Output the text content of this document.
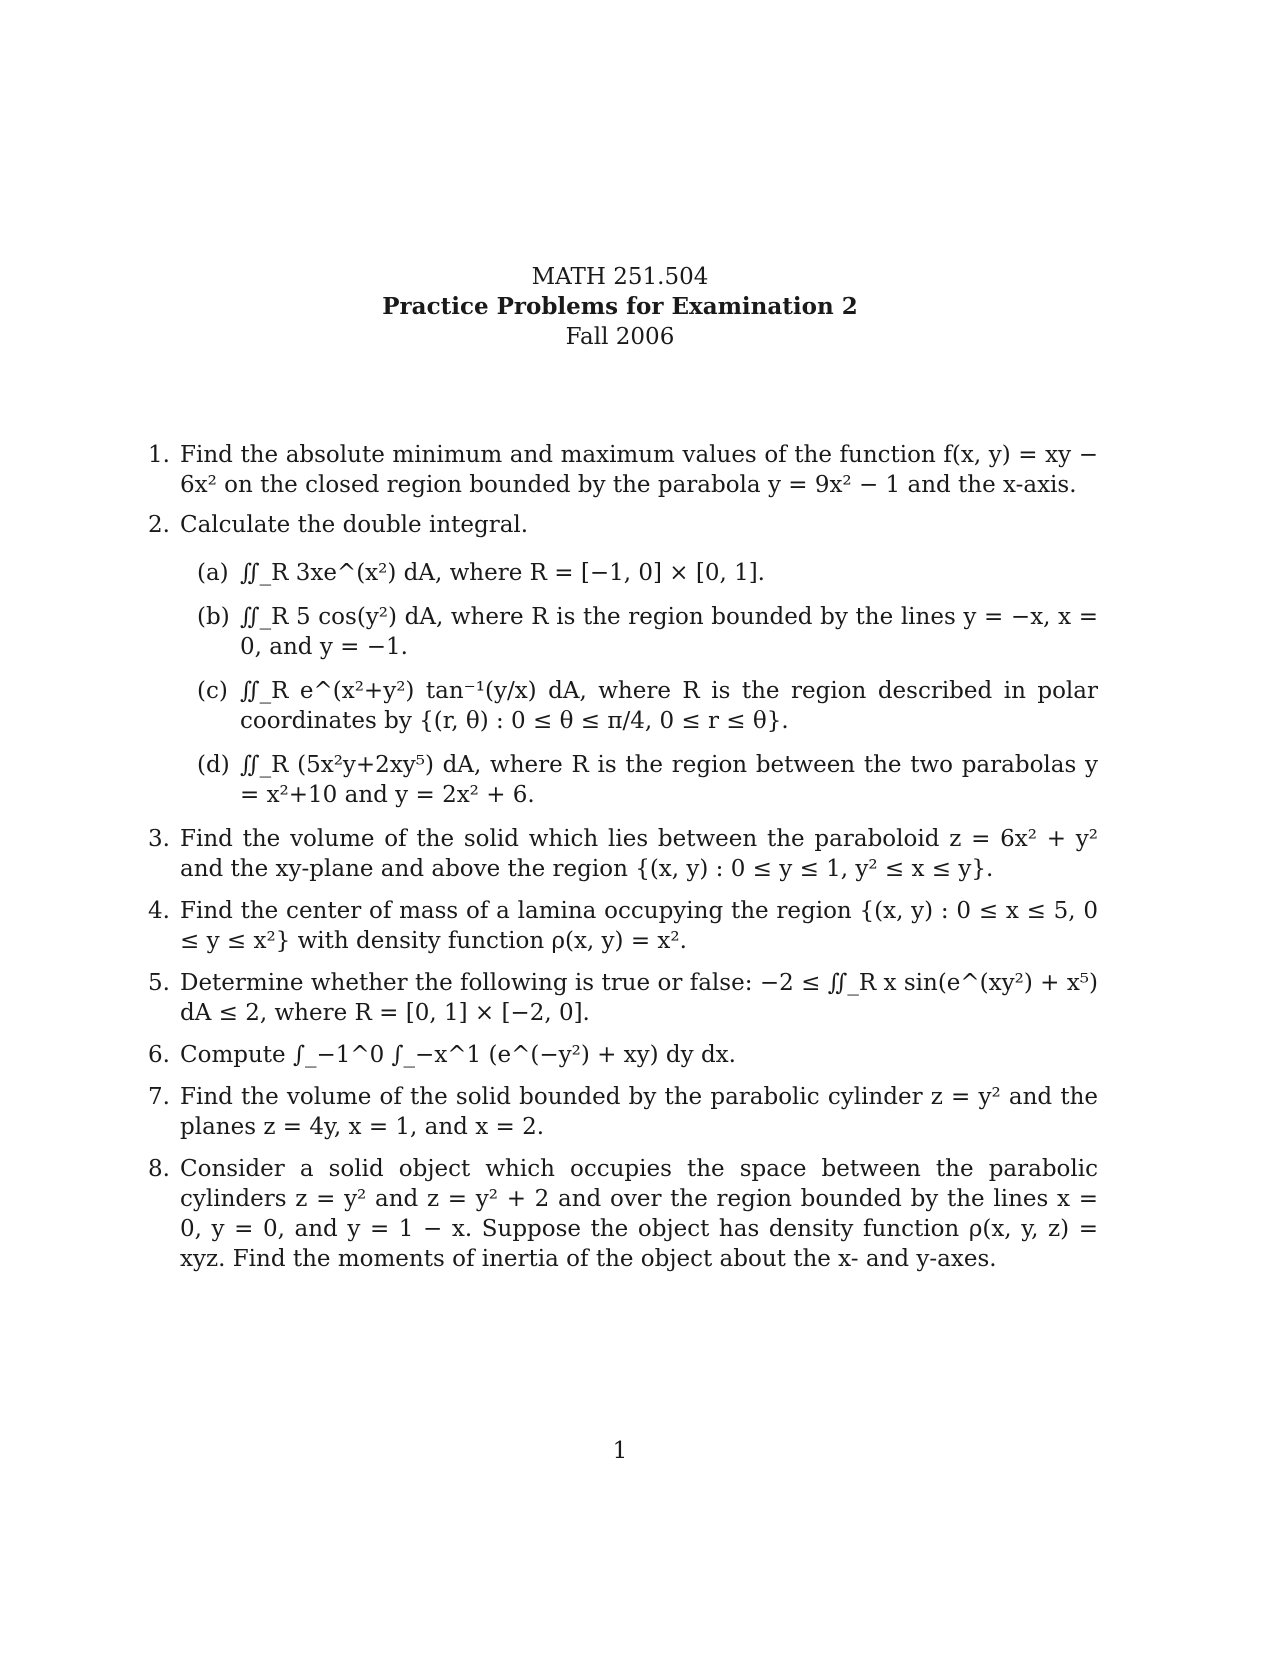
MATH 251.504
Practice Problems for Examination 2
Fall 2006
1. Find the absolute minimum and maximum values of the function f(x, y) = xy − 6x² on the closed region bounded by the parabola y = 9x² − 1 and the x-axis.
2. Calculate the double integral.
(a) ∬_R 3xe^(x²) dA, where R = [−1, 0] × [0, 1].
(b) ∬_R 5 cos(y²) dA, where R is the region bounded by the lines y = −x, x = 0, and y = −1.
(c) ∬_R e^(x²+y²) tan⁻¹(y/x) dA, where R is the region described in polar coordinates by {(r, θ) : 0 ≤ θ ≤ π/4, 0 ≤ r ≤ θ}.
(d) ∬_R (5x²y+2xy⁵) dA, where R is the region between the two parabolas y = x²+10 and y = 2x² + 6.
3. Find the volume of the solid which lies between the paraboloid z = 6x² + y² and the xy-plane and above the region {(x, y) : 0 ≤ y ≤ 1, y² ≤ x ≤ y}.
4. Find the center of mass of a lamina occupying the region {(x, y) : 0 ≤ x ≤ 5, 0 ≤ y ≤ x²} with density function ρ(x, y) = x².
5. Determine whether the following is true or false: −2 ≤ ∬_R x sin(e^(xy²) + x⁵) dA ≤ 2, where R = [0, 1] × [−2, 0].
6. Compute ∫_−1^0 ∫_−x^1 (e^(−y²) + xy) dy dx.
7. Find the volume of the solid bounded by the parabolic cylinder z = y² and the planes z = 4y, x = 1, and x = 2.
8. Consider a solid object which occupies the space between the parabolic cylinders z = y² and z = y² + 2 and over the region bounded by the lines x = 0, y = 0, and y = 1 − x. Suppose the object has density function ρ(x, y, z) = xyz. Find the moments of inertia of the object about the x- and y-axes.
1
